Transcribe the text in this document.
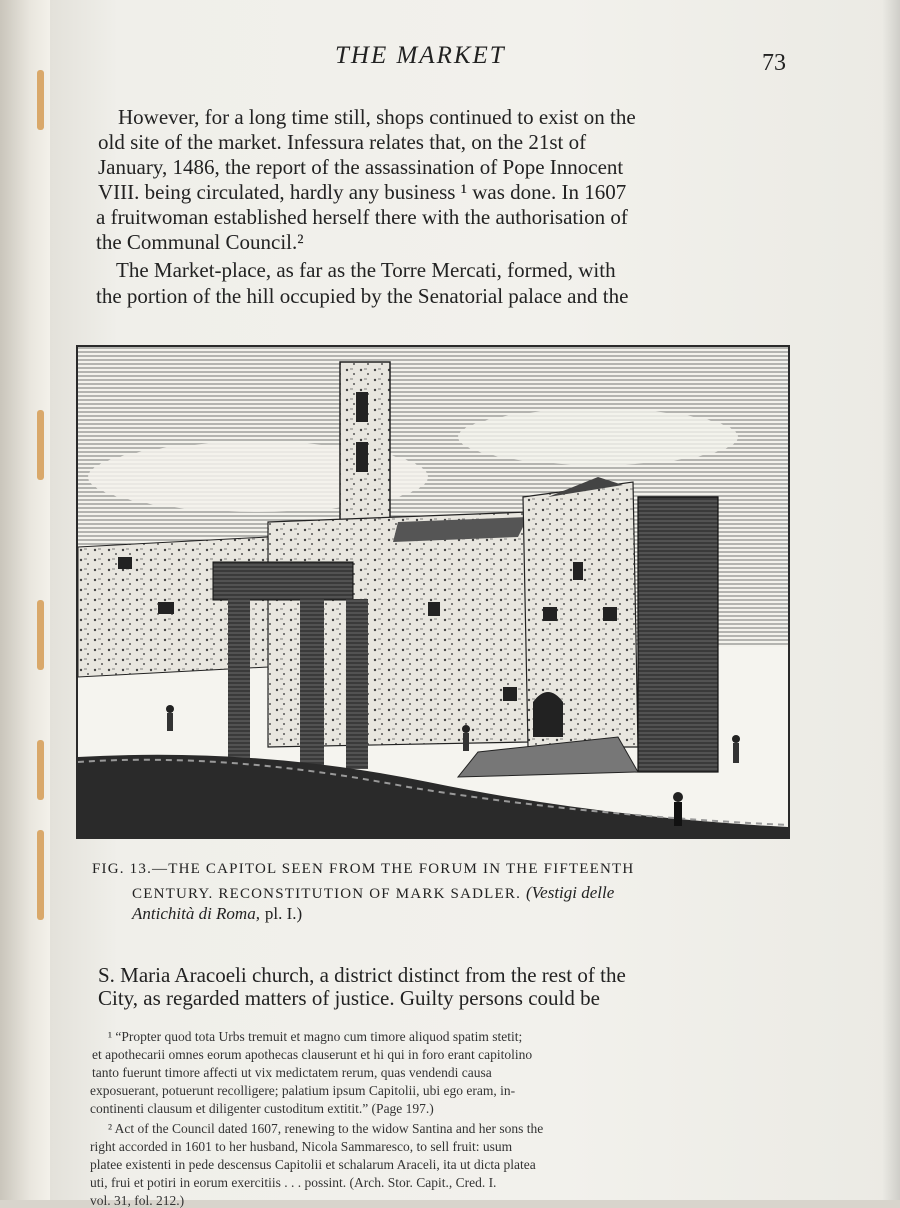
THE MARKET	73
However, for a long time still, shops continued to exist on the
old site of the market. Infessura relates that, on the 21st of
January, 1486, the report of the assassination of Pope Innocent
VIII. being circulated, hardly any business ¹ was done. In 1607
a fruitwoman established herself there with the authorisation of
the Communal Council.²
The Market-place, as far as the Torre Mercati, formed, with
the portion of the hill occupied by the Senatorial palace and the
FIG. 13.—THE CAPITOL SEEN FROM THE FORUM IN THE FIFTEENTH
CENTURY. RECONSTITUTION OF MARK SADLER. (Vestigi delle
Antichità di Roma, pl. I.)
S. Maria Aracoeli church, a district distinct from the rest of the
City, as regarded matters of justice. Guilty persons could be
¹ “Propter quod tota Urbs tremuit et magno cum timore aliquod spatim stetit;
et apothecarii omnes eorum apothecas clauserunt et hi qui in foro erant capitolino
tanto fuerunt timore affecti ut vix medictatem rerum, quas vendendi causa
exposuerant, potuerunt recolligere; palatium ipsum Capitolii, ubi ego eram, in-
continenti clausum et diligenter custoditum extitit.” (Page 197.)
² Act of the Council dated 1607, renewing to the widow Santina and her sons the
right accorded in 1601 to her husband, Nicola Sammaresco, to sell fruit: usum
platee existenti in pede descensus Capitolii et schalarum Araceli, ita ut dicta platea
uti, frui et potiri in eorum exercitiis . . . possint. (Arch. Stor. Capit., Cred. I.
vol. 31, fol. 212.)
